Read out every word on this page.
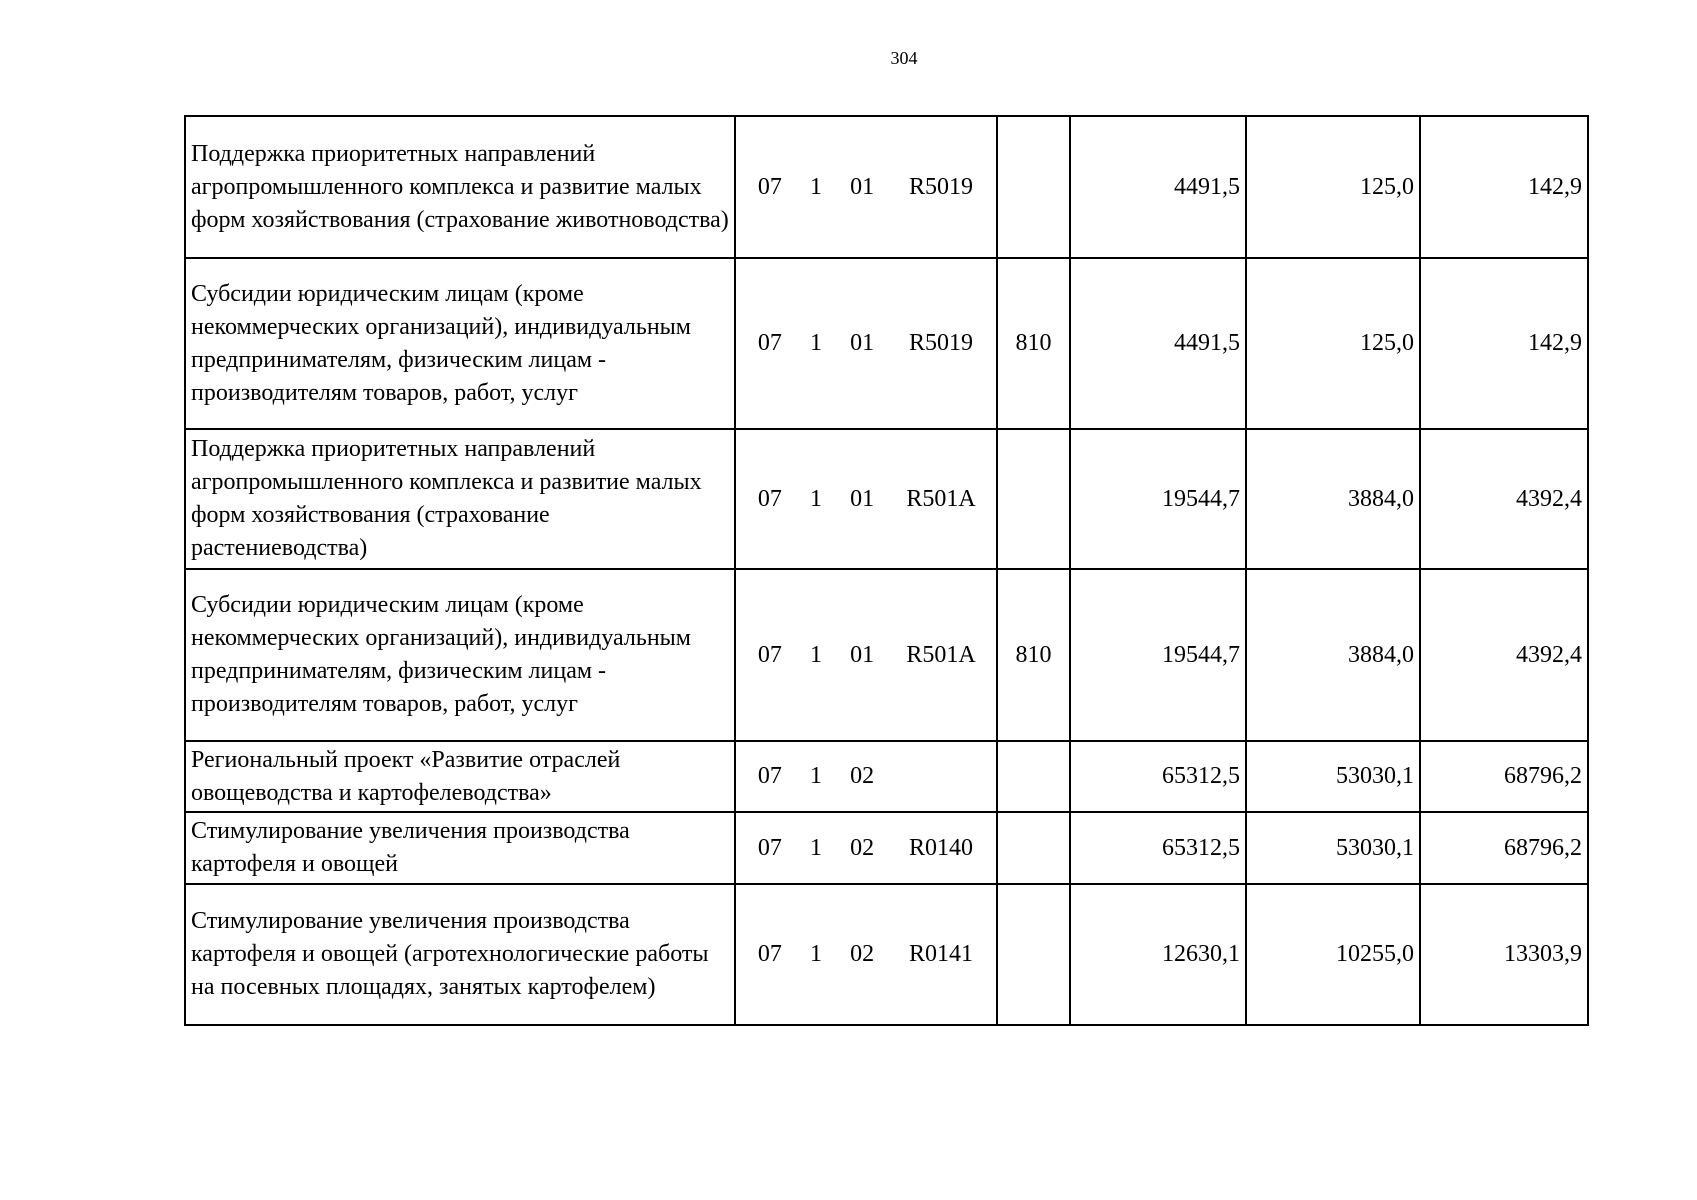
304
Поддержка приоритетных направлений агропромышленного комплекса и развитие малых форм хозяйствования (страхование животноводства)	07 1 01 R5019		4491,5	125,0	142,9
Субсидии юридическим лицам (кроме некоммерческих организаций), индивидуальным предпринимателям, физическим лицам - производителям товаров, работ, услуг	07 1 01 R5019	810	4491,5	125,0	142,9
Поддержка приоритетных направлений агропромышленного комплекса и развитие малых форм хозяйствования (страхование растениеводства)	07 1 01 R501A		19544,7	3884,0	4392,4
Субсидии юридическим лицам (кроме некоммерческих организаций), индивидуальным предпринимателям, физическим лицам - производителям товаров, работ, услуг	07 1 01 R501A	810	19544,7	3884,0	4392,4
Региональный проект «Развитие отраслей овощеводства и картофелеводства»	07 1 02		65312,5	53030,1	68796,2
Стимулирование увеличения производства картофеля и овощей	07 1 02 R0140		65312,5	53030,1	68796,2
Стимулирование увеличения производства картофеля и овощей (агротехнологические работы на посевных площадях, занятых картофелем)	07 1 02 R0141		12630,1	10255,0	13303,9
